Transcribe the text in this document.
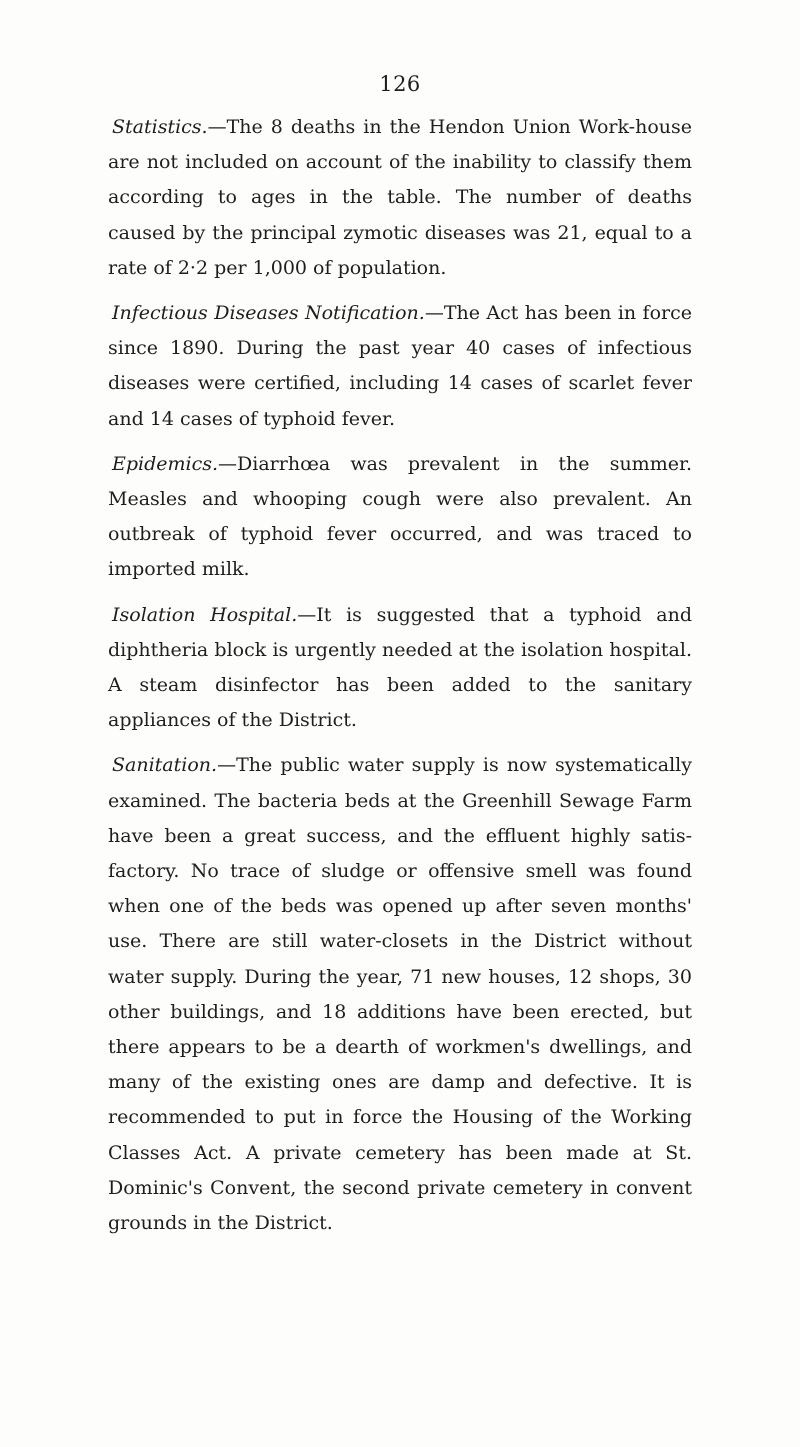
126

Statistics.—The 8 deaths in the Hendon Union Work-house are not included on account of the inability to classify them according to ages in the table. The number of deaths caused by the principal zymotic diseases was 21, equal to a rate of 2·2 per 1,000 of population.

Infectious Diseases Notification.—The Act has been in force since 1890. During the past year 40 cases of infectious diseases were certified, including 14 cases of scarlet fever and 14 cases of typhoid fever.

Epidemics.—Diarrhœa was prevalent in the summer. Measles and whooping cough were also prevalent. An outbreak of typhoid fever occurred, and was traced to imported milk.

Isolation Hospital.—It is suggested that a typhoid and diphtheria block is urgently needed at the isolation hospital. A steam disinfector has been added to the sanitary appliances of the District.

Sanitation.—The public water supply is now systematically examined. The bacteria beds at the Greenhill Sewage Farm have been a great success, and the effluent highly satis-factory. No trace of sludge or offensive smell was found when one of the beds was opened up after seven months' use. There are still water-closets in the District without water supply. During the year, 71 new houses, 12 shops, 30 other buildings, and 18 additions have been erected, but there appears to be a dearth of workmen's dwellings, and many of the existing ones are damp and defective. It is recommended to put in force the Housing of the Working Classes Act. A private cemetery has been made at St. Dominic's Convent, the second private cemetery in convent grounds in the District.
